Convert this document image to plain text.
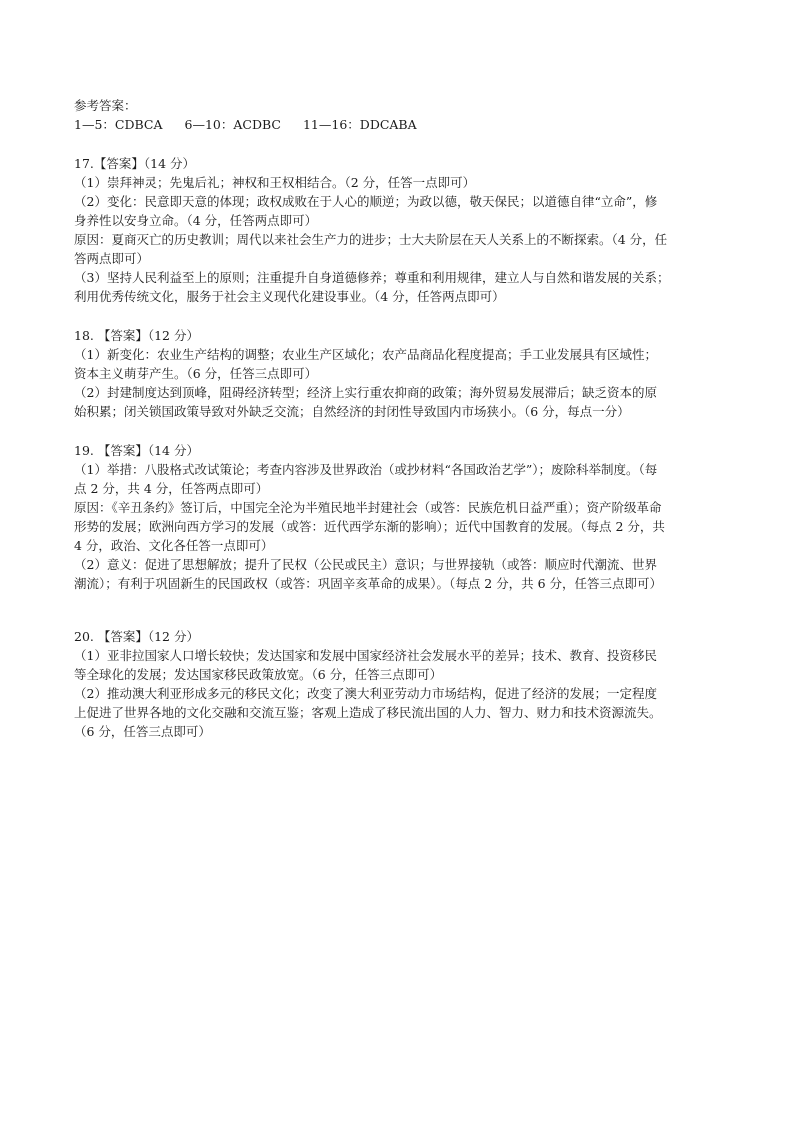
参考答案：
1—5：CDBCA 6—10：ACDBC 11—16：DDCABA
17.【答案】（14 分）
（1）崇拜神灵；先鬼后礼；神权和王权相结合。（2 分，任答一点即可）
（2）变化：民意即天意的体现；政权成败在于人心的顺逆；为政以德，敬天保民；以道德自律“立命”，修
身养性以安身立命。（4 分，任答两点即可）
原因：夏商灭亡的历史教训；周代以来社会生产力的进步；士大夫阶层在天人关系上的不断探索。（4 分，任
答两点即可）
（3）坚持人民利益至上的原则；注重提升自身道德修养；尊重和利用规律，建立人与自然和谐发展的关系；
利用优秀传统文化，服务于社会主义现代化建设事业。（4 分，任答两点即可）
18. 【答案】（12 分）
（1）新变化：农业生产结构的调整；农业生产区域化；农产品商品化程度提高；手工业发展具有区域性；
资本主义萌芽产生。（6 分，任答三点即可）
（2）封建制度达到顶峰，阻碍经济转型；经济上实行重农抑商的政策；海外贸易发展滞后；缺乏资本的原
始积累；闭关锁国政策导致对外缺乏交流；自然经济的封闭性导致国内市场狭小。（6 分，每点一分）
19. 【答案】（14 分）
（1）举措：八股格式改试策论；考查内容涉及世界政治（或抄材料“各国政治艺学”）；废除科举制度。（每
点 2 分，共 4 分，任答两点即可）
原因：《辛丑条约》签订后，中国完全沦为半殖民地半封建社会（或答：民族危机日益严重）；资产阶级革命
形势的发展；欧洲向西方学习的发展（或答：近代西学东渐的影响）；近代中国教育的发展。（每点 2 分，共
4 分，政治、文化各任答一点即可）
（2）意义：促进了思想解放；提升了民权（公民或民主）意识；与世界接轨（或答：顺应时代潮流、世界
潮流）；有利于巩固新生的民国政权（或答：巩固辛亥革命的成果）。（每点 2 分，共 6 分，任答三点即可）
20. 【答案】（12 分）
（1）亚非拉国家人口增长较快；发达国家和发展中国家经济社会发展水平的差异；技术、教育、投资移民
等全球化的发展；发达国家移民政策放宽。（6 分，任答三点即可）
（2）推动澳大利亚形成多元的移民文化；改变了澳大利亚劳动力市场结构，促进了经济的发展；一定程度
上促进了世界各地的文化交融和交流互鉴；客观上造成了移民流出国的人力、智力、财力和技术资源流失。
（6 分，任答三点即可）
